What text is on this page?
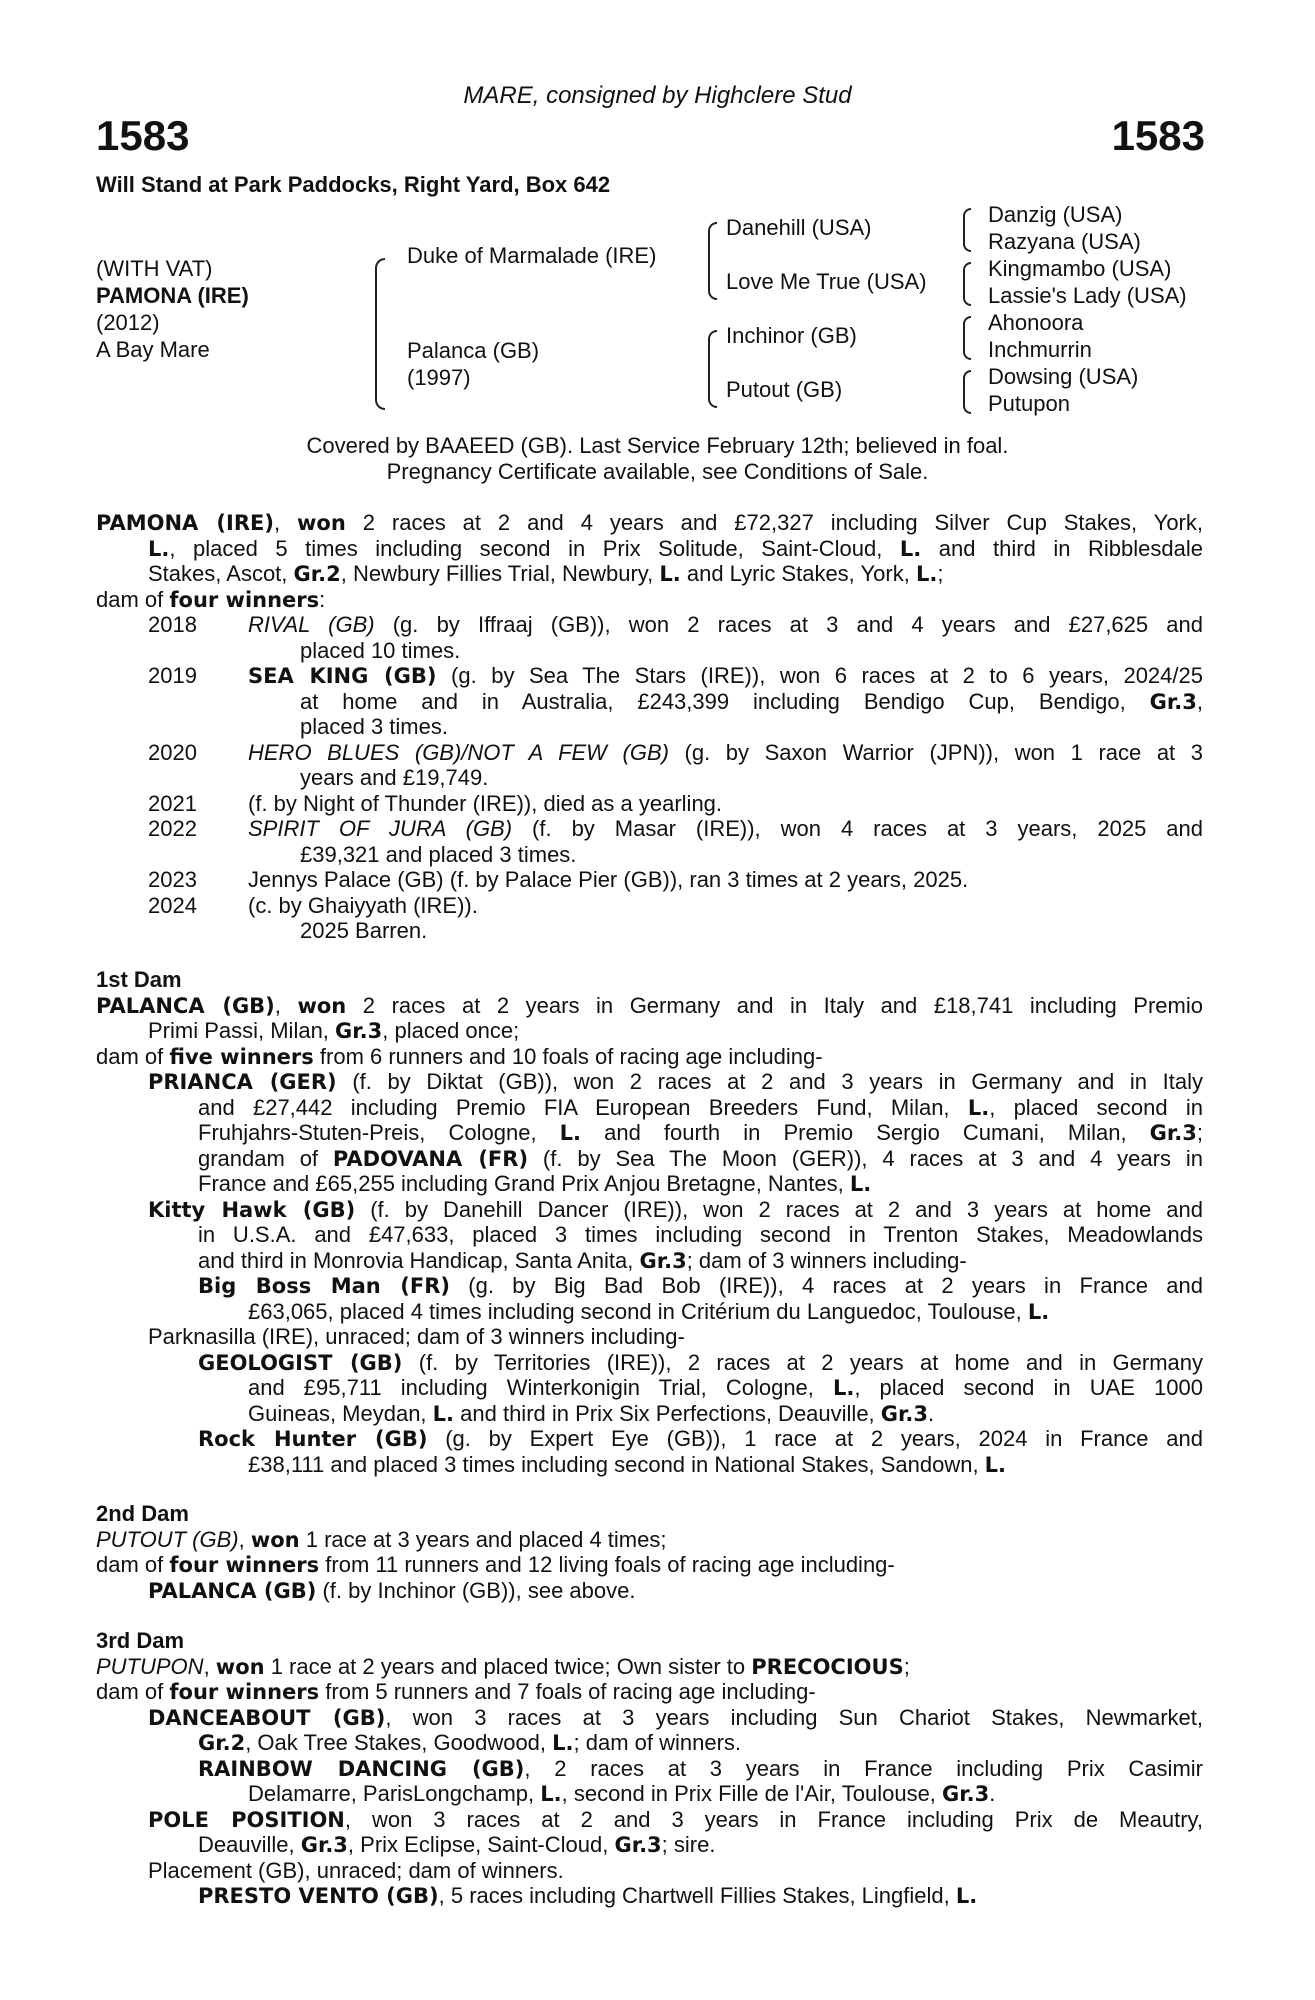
MARE, consigned by Highclere Stud
1583	1583
Will Stand at Park Paddocks, Right Yard, Box 642
(WITH VAT)
PAMONA (IRE)
(2012)
A Bay Mare
Duke of Marmalade (IRE)
Palanca (GB)
(1997)
Danehill (USA)
Love Me True (USA)
Inchinor (GB)
Putout (GB)
Danzig (USA)
Razyana (USA)
Kingmambo (USA)
Lassie's Lady (USA)
Ahonoora
Inchmurrin
Dowsing (USA)
Putupon
Covered by BAAEED (GB). Last Service February 12th; believed in foal.
Pregnancy Certificate available, see Conditions of Sale.
PAMONA (IRE), won 2 races at 2 and 4 years and £72,327 including Silver Cup Stakes, York,
L., placed 5 times including second in Prix Solitude, Saint-Cloud, L. and third in Ribblesdale
Stakes, Ascot, Gr.2, Newbury Fillies Trial, Newbury, L. and Lyric Stakes, York, L.;
dam of four winners:
2018 RIVAL (GB) (g. by Iffraaj (GB)), won 2 races at 3 and 4 years and £27,625 and
placed 10 times.
2019 SEA KING (GB) (g. by Sea The Stars (IRE)), won 6 races at 2 to 6 years, 2024/25
at home and in Australia, £243,399 including Bendigo Cup, Bendigo, Gr.3,
placed 3 times.
2020 HERO BLUES (GB)/NOT A FEW (GB) (g. by Saxon Warrior (JPN)), won 1 race at 3
years and £19,749.
2021 (f. by Night of Thunder (IRE)), died as a yearling.
2022 SPIRIT OF JURA (GB) (f. by Masar (IRE)), won 4 races at 3 years, 2025 and
£39,321 and placed 3 times.
2023 Jennys Palace (GB) (f. by Palace Pier (GB)), ran 3 times at 2 years, 2025.
2024 (c. by Ghaiyyath (IRE)).
2025 Barren.
1st Dam
PALANCA (GB), won 2 races at 2 years in Germany and in Italy and £18,741 including Premio
Primi Passi, Milan, Gr.3, placed once;
dam of five winners from 6 runners and 10 foals of racing age including-
PRIANCA (GER) (f. by Diktat (GB)), won 2 races at 2 and 3 years in Germany and in Italy
and £27,442 including Premio FIA European Breeders Fund, Milan, L., placed second in
Fruhjahrs-Stuten-Preis, Cologne, L. and fourth in Premio Sergio Cumani, Milan, Gr.3;
grandam of PADOVANA (FR) (f. by Sea The Moon (GER)), 4 races at 3 and 4 years in
France and £65,255 including Grand Prix Anjou Bretagne, Nantes, L.
Kitty Hawk (GB) (f. by Danehill Dancer (IRE)), won 2 races at 2 and 3 years at home and
in U.S.A. and £47,633, placed 3 times including second in Trenton Stakes, Meadowlands
and third in Monrovia Handicap, Santa Anita, Gr.3; dam of 3 winners including-
Big Boss Man (FR) (g. by Big Bad Bob (IRE)), 4 races at 2 years in France and
£63,065, placed 4 times including second in Critérium du Languedoc, Toulouse, L.
Parknasilla (IRE), unraced; dam of 3 winners including-
GEOLOGIST (GB) (f. by Territories (IRE)), 2 races at 2 years at home and in Germany
and £95,711 including Winterkonigin Trial, Cologne, L., placed second in UAE 1000
Guineas, Meydan, L. and third in Prix Six Perfections, Deauville, Gr.3.
Rock Hunter (GB) (g. by Expert Eye (GB)), 1 race at 2 years, 2024 in France and
£38,111 and placed 3 times including second in National Stakes, Sandown, L.
2nd Dam
PUTOUT (GB), won 1 race at 3 years and placed 4 times;
dam of four winners from 11 runners and 12 living foals of racing age including-
PALANCA (GB) (f. by Inchinor (GB)), see above.
3rd Dam
PUTUPON, won 1 race at 2 years and placed twice; Own sister to PRECOCIOUS;
dam of four winners from 5 runners and 7 foals of racing age including-
DANCEABOUT (GB), won 3 races at 3 years including Sun Chariot Stakes, Newmarket,
Gr.2, Oak Tree Stakes, Goodwood, L.; dam of winners.
RAINBOW DANCING (GB), 2 races at 3 years in France including Prix Casimir
Delamarre, ParisLongchamp, L., second in Prix Fille de l'Air, Toulouse, Gr.3.
POLE POSITION, won 3 races at 2 and 3 years in France including Prix de Meautry,
Deauville, Gr.3, Prix Eclipse, Saint-Cloud, Gr.3; sire.
Placement (GB), unraced; dam of winners.
PRESTO VENTO (GB), 5 races including Chartwell Fillies Stakes, Lingfield, L.
